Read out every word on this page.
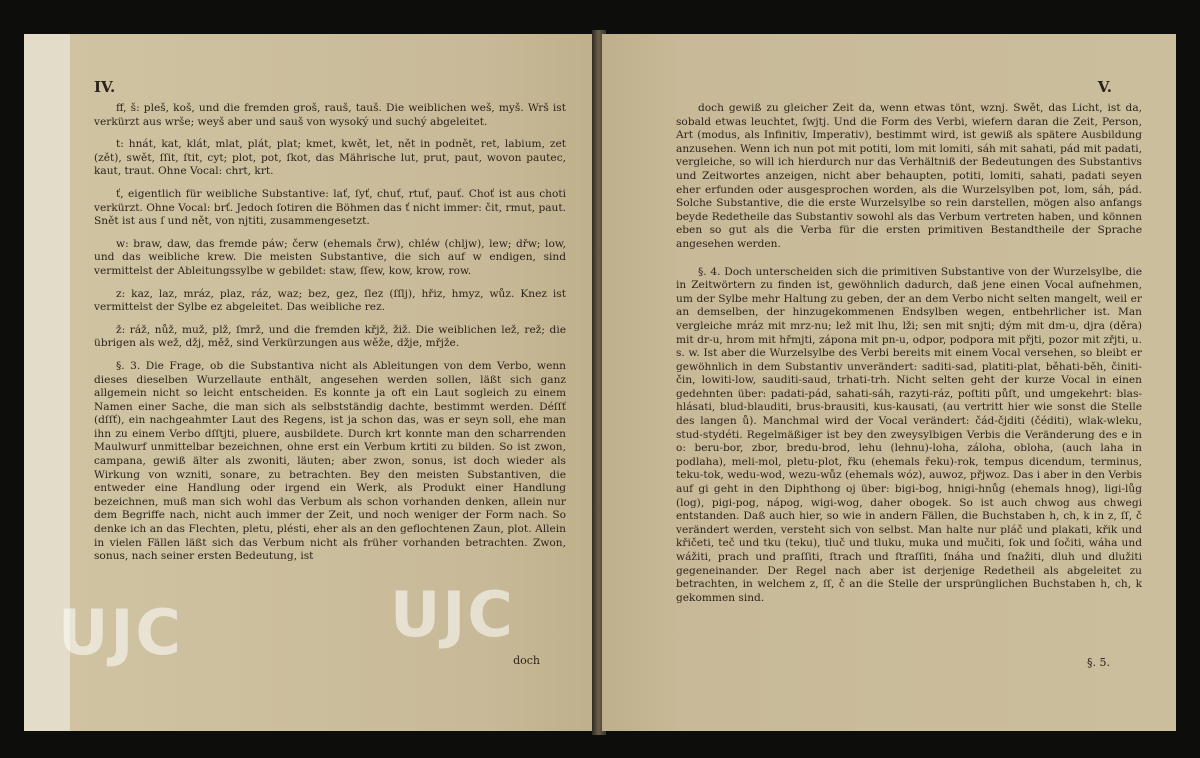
IV.

ff, š: pleš, koš, und die fremden groš, rauš, tauš. Die weiblichen weš, myš. Wrš ist verkürzt aus wrše; weyš aber und sauš von wysoký und suchý abgeleitet.

t: hnát, kat, klát, mlat, plát, plat; kmet, kwět, let, nět in podnět, ret, labium, zet (zět), swět, ſſit, ſtit, cyt; plot, pot, ſkot, das Mährische lut, prut, paut, wovon pautec, kaut, traut. Ohne Vocal: chrt, krt.

ť, eigentlich für weibliche Substantive: lať, ſyť, chuť, rtuť, pauť. Choť ist aus choti verkürzt. Ohne Vocal: brť. Jedoch ſotiren die Böhmen das ť nicht immer: čit, rmut, paut. Snět ist aus ſ und nět, von njtiti, zusammengesetzt.

w: braw, daw, das fremde páw; čerw (ehemals črw), chléw (chljw), lew; dřw; low, und das weibliche krew. Die meisten Substantive, die sich auf w endigen, sind vermittelst der Ableitungssylbe w gebildet: staw, ſſew, kow, krow, row.

z: kaz, laz, mráz, plaz, ráz, waz; bez, gez, ſlez (ſſlj), hřiz, hmyz, wůz. Knez ist vermittelst der Sylbe ez abgeleitet. Das weibliche rez.

ž: ráž, nůž, muž, plž, ſmrž, und die fremden křjž, žiž. Die weiblichen lež, rež; die übrigen als wež, džj, měž, sind Verkürzungen aus wěže, džje, mřjže.

§. 3. Die Frage, ob die Substantiva nicht als Ableitungen von dem Verbo, wenn dieses dieselben Wurzellaute enthält, angesehen werden sollen, läßt sich ganz allgemein nicht so leicht entscheiden. Es konnte ja oft ein Laut sogleich zu einem Namen einer Sache, die man sich als selbstständig dachte, bestimmt werden. Déſſť (dſſť), ein nachgeahmter Laut des Regens, ist ja schon das, was er seyn soll, ehe man ihn zu einem Verbo dſſtjti, pluere, ausbildete. Durch krt konnte man den scharrenden Maulwurf unmittelbar bezeichnen, ohne erst ein Verbum krtiti zu bilden. So ist zwon, campana, gewiß älter als zwoniti, läuten; aber zwon, sonus, ist doch wieder als Wirkung von wzniti, sonare, zu betrachten. Bey den meisten Substantiven, die entweder eine Handlung oder irgend ein Werk, als Produkt einer Handlung bezeichnen, muß man sich wohl das Verbum als schon vorhanden denken, allein nur dem Begriffe nach, nicht auch immer der Zeit, und noch weniger der Form nach. So denke ich an das Flechten, pletu, plésti, eher als an den geflochtenen Zaun, plot. Allein in vielen Fällen läßt sich das Verbum nicht als früher vorhanden betrachten. Zwon, sonus, nach seiner ersten Bedeutung, ist

doch
V.

doch gewiß zu gleicher Zeit da, wenn etwas tönt, wznj. Swět, das Licht, ist da, sobald etwas leuchtet, ſwjtj. Und die Form des Verbi, wiefern daran die Zeit, Person, Art (modus, als Infinitiv, Imperativ), bestimmt wird, ist gewiß als spätere Ausbildung anzusehen. Wenn ich nun pot mit potiti, lom mit lomiti, sáh mit sahati, pád mit padati, vergleiche, so will ich hierdurch nur das Verhältniß der Bedeutungen des Substantivs und Zeitwortes anzeigen, nicht aber behaupten, potiti, lomiti, sahati, padati seyen eher erfunden oder ausgesprochen worden, als die Wurzelsylben pot, lom, sáh, pád. Solche Substantive, die die erste Wurzelsylbe so rein darstellen, mögen also anfangs beyde Redetheile das Substantiv sowohl als das Verbum vertreten haben, und können eben so gut als die Verba für die ersten primitiven Bestandtheile der Sprache angesehen werden.

§. 4. Doch unterscheiden sich die primitiven Substantive von der Wurzelsylbe, die in Zeitwörtern zu finden ist, gewöhnlich dadurch, daß jene einen Vocal aufnehmen, um der Sylbe mehr Haltung zu geben, der an dem Verbo nicht selten mangelt, weil er an demselben, der hinzugekommenen Endsylben wegen, entbehrlicher ist. Man vergleiche mráz mit mrz-nu; lež mit lhu, lži; sen mit snjti; dým mit dm-u, djra (děra) mit dr-u, hrom mit hřmjti, zápona mit pn-u, odpor, podpora mit přjti, pozor mit zřjti, u. s. w. Ist aber die Wurzelsylbe des Verbi bereits mit einem Vocal versehen, so bleibt er gewöhnlich in dem Substantiv unverändert: saditi-sad, platiti-plat, běhati-běh, činiti-čin, lowiti-low, sauditi-saud, trhati-trh. Nicht selten geht der kurze Vocal in einen gedehnten über: padati-pád, sahati-sáh, razyti-ráz, poſtiti půſt, und umgekehrt: blas-hlásati, blud-blauditi, brus-brausiti, kus-kausati, (au vertritt hier wie sonst die Stelle des langen ů). Manchmal wird der Vocal verändert: čád-čjditi (čéditi), wlak-wleku, stud-stydéti. Regelmäßiger ist bey den zweysylbigen Verbis die Veränderung des e in o: beru-bor, zbor, bredu-brod, lehu (lehnu)-loha, záloha, obloha, (auch laha in podlaha), meli-mol, pletu-plot, řku (ehemals řeku)-rok, tempus dicendum, terminus, teku-tok, wedu-wod, wezu-wůz (ehemals wóz), auwoz, přjwoz. Das i aber in den Verbis auf gi geht in den Diphthong oj über: bigi-bog, hnigi-hnůg (ehemals hnog), ligi-lůg (log), pigi-pog, nápog, wigi-wog, daher obogek. So ist auch chwog aus chwegi entstanden. Daß auch hier, so wie in andern Fällen, die Buchstaben h, ch, k in z, ſſ, č verändert werden, versteht sich von selbst. Man halte nur pláč und plakati, křik und křičeti, teč und tku (teku), tluč und tluku, muka und mučiti, ſok und ſočiti, wáha und wážiti, prach und praſſiti, ſtrach und ſtraſſiti, ſnáha und ſnažiti, dluh und dlužiti gegeneinander. Der Regel nach aber ist derjenige Redetheil als abgeleitet zu betrachten, in welchem z, ſſ, č an die Stelle der ursprünglichen Buchstaben h, ch, k gekommen sind.

§. 5.
UJC	UJC
